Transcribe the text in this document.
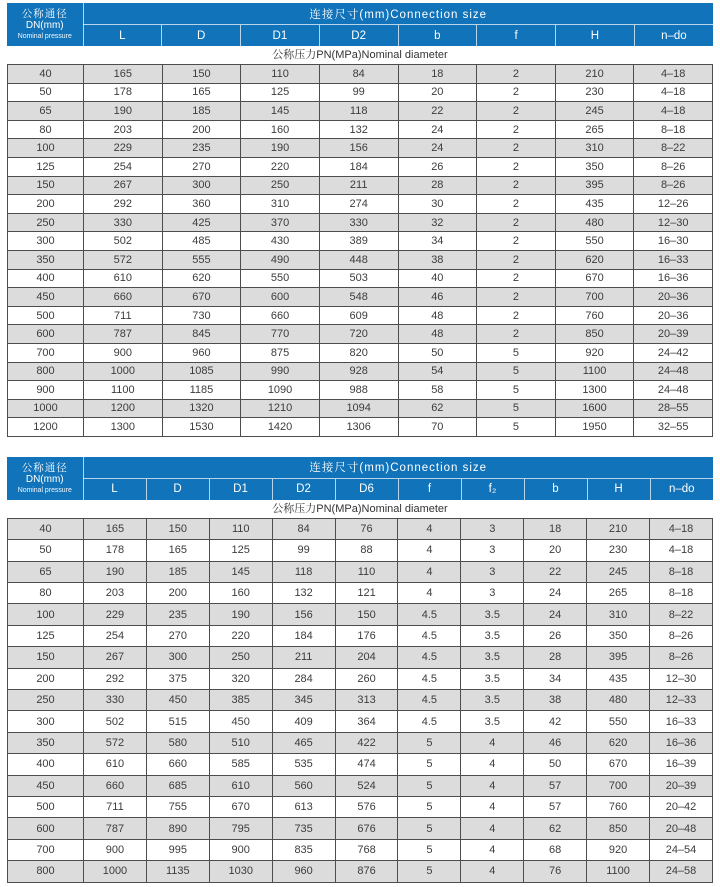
公称通径
DN(mm)
Nominal pressure	连接尺寸(mm)Connection size							
	L	D	D1	D2	b	f	H	n–do
公称压力PN(MPa)Nominal diameter
40	165	150	110	84	18	2	210	4–18
50	178	165	125	99	20	2	230	4–18
65	190	185	145	118	22	2	245	4–18
80	203	200	160	132	24	2	265	8–18
100	229	235	190	156	24	2	310	8–22
125	254	270	220	184	26	2	350	8–26
150	267	300	250	211	28	2	395	8–26
200	292	360	310	274	30	2	435	12–26
250	330	425	370	330	32	2	480	12–30
300	502	485	430	389	34	2	550	16–30
350	572	555	490	448	38	2	620	16–33
400	610	620	550	503	40	2	670	16–36
450	660	670	600	548	46	2	700	20–36
500	711	730	660	609	48	2	760	20–36
600	787	845	770	720	48	2	850	20–39
700	900	960	875	820	50	5	920	24–42
800	1000	1085	990	928	54	5	1100	24–48
900	1100	1185	1090	988	58	5	1300	24–48
1000	1200	1320	1210	1094	62	5	1600	28–55
1200	1300	1530	1420	1306	70	5	1950	32–55
公称通径
DN(mm)
Nominal pressure	连接尺寸(mm)Connection size									
	L	D	D1	D2	D6	f	f₂	b	H	n–do
公称压力PN(MPa)Nominal diameter
40	165	150	110	84	76	4	3	18	210	4–18
50	178	165	125	99	88	4	3	20	230	4–18
65	190	185	145	118	110	4	3	22	245	8–18
80	203	200	160	132	121	4	3	24	265	8–18
100	229	235	190	156	150	4.5	3.5	24	310	8–22
125	254	270	220	184	176	4.5	3.5	26	350	8–26
150	267	300	250	211	204	4.5	3.5	28	395	8–26
200	292	375	320	284	260	4.5	3.5	34	435	12–30
250	330	450	385	345	313	4.5	3.5	38	480	12–33
300	502	515	450	409	364	4.5	3.5	42	550	16–33
350	572	580	510	465	422	5	4	46	620	16–36
400	610	660	585	535	474	5	4	50	670	16–39
450	660	685	610	560	524	5	4	57	700	20–39
500	711	755	670	613	576	5	4	57	760	20–42
600	787	890	795	735	676	5	4	62	850	20–48
700	900	995	900	835	768	5	4	68	920	24–54
800	1000	1135	1030	960	876	5	4	76	1100	24–58
